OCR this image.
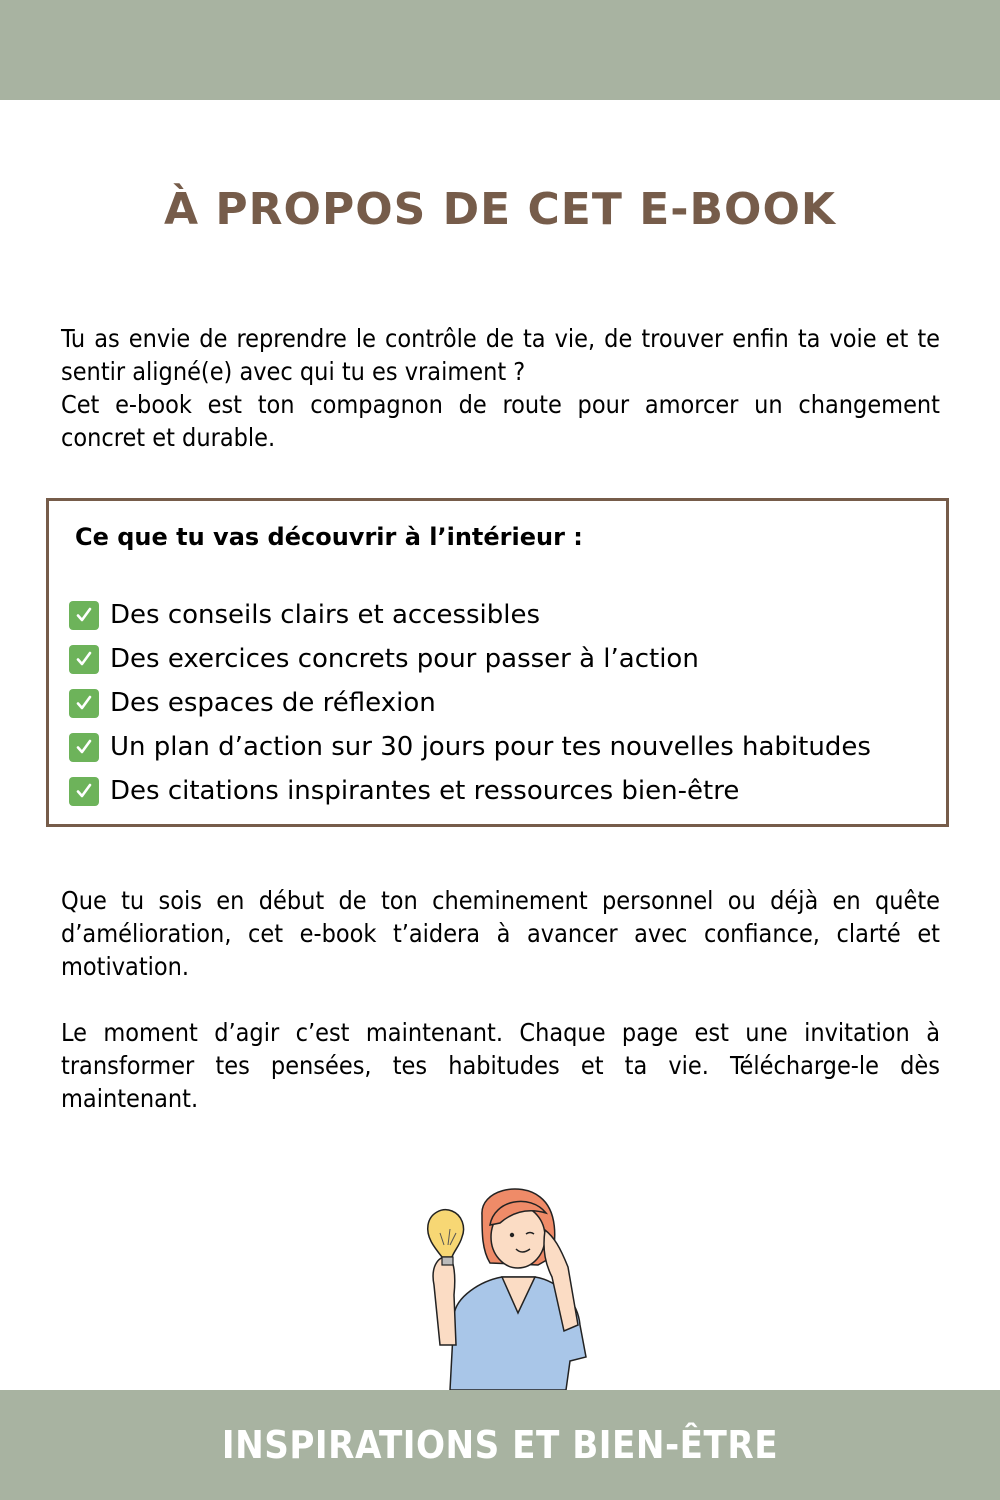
À PROPOS DE CET E-BOOK

Tu as envie de reprendre le contrôle de ta vie, de trouver enfin ta voie et te sentir aligné(e) avec qui tu es vraiment ?

Cet e-book est ton compagnon de route pour amorcer un changement concret et durable.

Ce que tu vas découvrir à l’intérieur :
Des conseils clairs et accessibles
Des exercices concrets pour passer à l’action
Des espaces de réflexion
Un plan d’action sur 30 jours pour tes nouvelles habitudes
Des citations inspirantes et ressources bien-être

Que tu sois en début de ton cheminement personnel ou déjà en quête d’amélioration, cet e-book t’aidera à avancer avec confiance, clarté et motivation.

Le moment d’agir c’est maintenant. Chaque page est une invitation à transformer tes pensées, tes habitudes et ta vie. Télécharge-le dès maintenant.

INSPIRATIONS ET BIEN-ÊTRE
